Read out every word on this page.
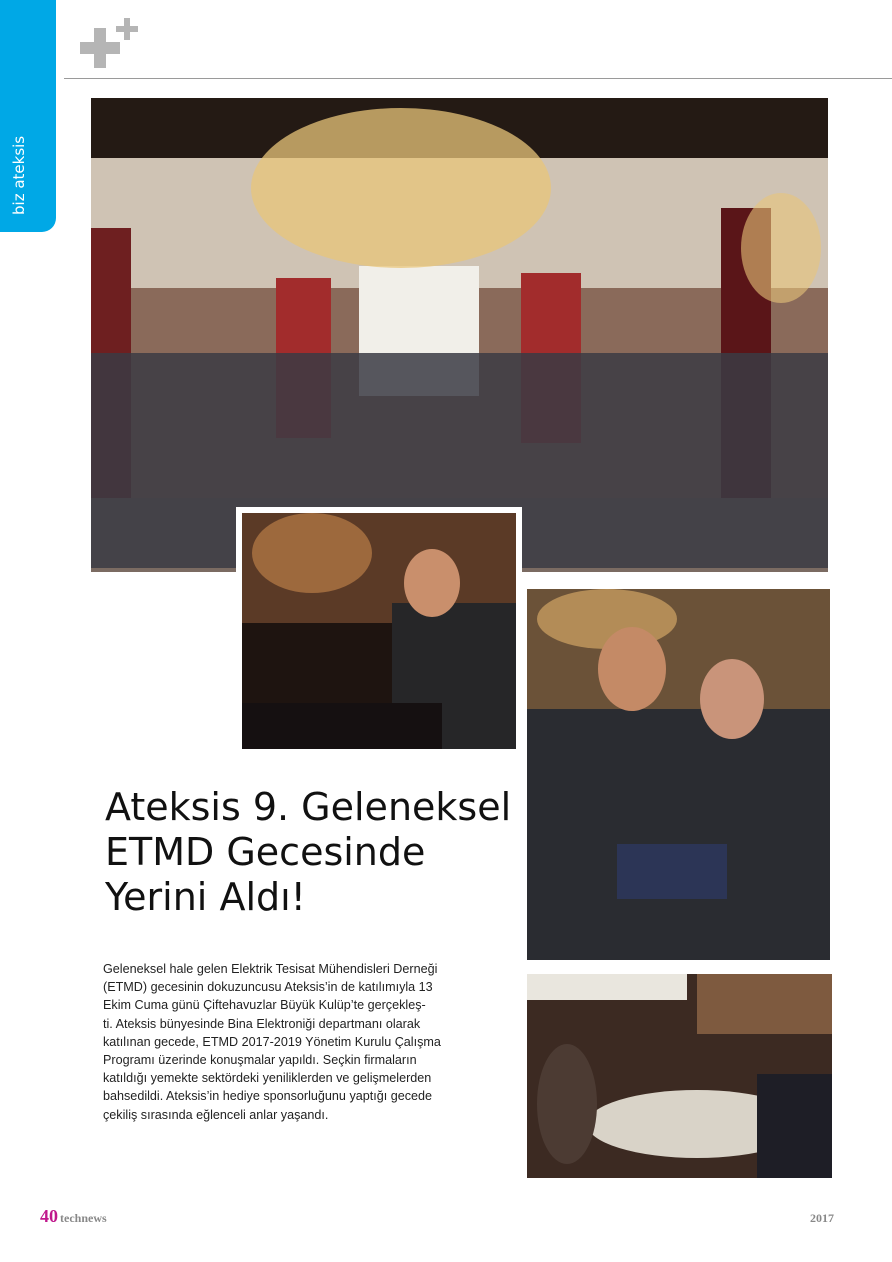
biz ateksis
Ateksis 9. Geleneksel
ETMD Gecesinde
Yerini Aldı!

Geleneksel hale gelen Elektrik Tesisat Mühendisleri Derneği
(ETMD) gecesinin dokuzuncusu Ateksis’in de katılımıyla 13
Ekim Cuma günü Çiftehavuzlar Büyük Kulüp’te gerçekleş-
ti. Ateksis bünyesinde Bina Elektroniği departmanı olarak
katılınan gecede, ETMD 2017-2019 Yönetim Kurulu Çalışma
Programı üzerinde konuşmalar yapıldı. Seçkin firmaların
katıldığı yemekte sektördeki yeniliklerden ve gelişmelerden
bahsedildi. Ateksis’in hediye sponsorluğunu yaptığı gecede
çekiliş sırasında eğlenceli anlar yaşandı.

40 technews	2017
